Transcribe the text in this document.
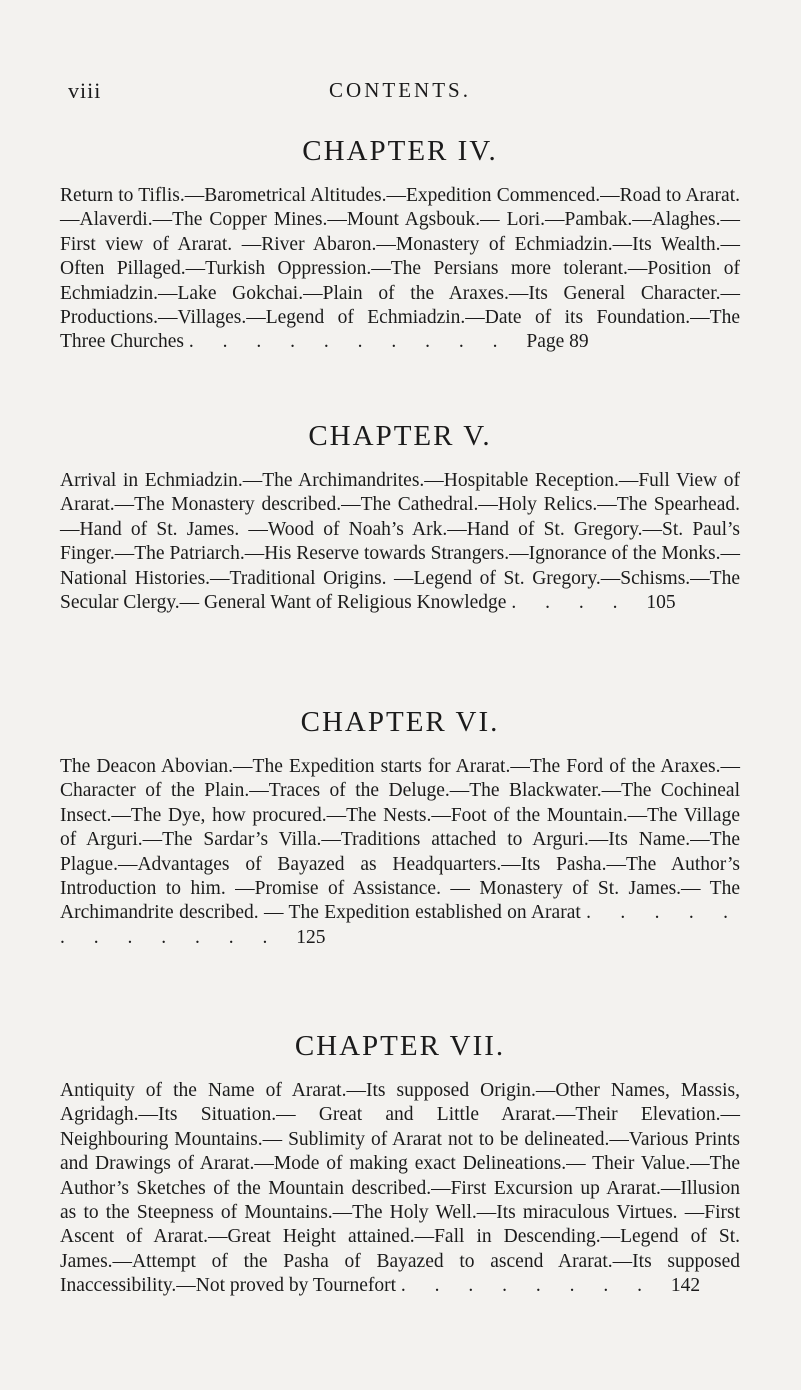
viii	CONTENTS.
CHAPTER IV.

Return to Tiflis.—Barometrical Altitudes.—Expedition Commenced.—Road to Ararat.—Alaverdi.—The Copper Mines.—Mount Agsbouk.— Lori.—Pambak.—Alaghes.—First view of Ararat. —River Abaron.—Monastery of Echmiadzin.—Its Wealth.— Often Pillaged.—Turkish Oppression.—The Persians more tolerant.—Position of Echmiadzin.—Lake Gokchai.—Plain of the Araxes.—Its General Character.—Productions.—Villages.—Legend of Echmiadzin.—Date of its Foundation.—The Three Churches . . . . . . . . . . Page 89

CHAPTER V.

Arrival in Echmiadzin.—The Archimandrites.—Hospitable Reception.—Full View of Ararat.—The Monastery described.—The Cathedral.—Holy Relics.—The Spearhead.—Hand of St. James. —Wood of Noah’s Ark.—Hand of St. Gregory.—St. Paul’s Finger.—The Patriarch.—His Reserve towards Strangers.—Ignorance of the Monks.—National Histories.—Traditional Origins. —Legend of St. Gregory.—Schisms.—The Secular Clergy.— General Want of Religious Knowledge . . . . 105

CHAPTER VI.

The Deacon Abovian.—The Expedition starts for Ararat.—The Ford of the Araxes.—Character of the Plain.—Traces of the Deluge.—The Blackwater.—The Cochineal Insect.—The Dye, how procured.—The Nests.—Foot of the Mountain.—The Village of Arguri.—The Sardar’s Villa.—Traditions attached to Arguri.—Its Name.—The Plague.—Advantages of Bayazed as Headquarters.—Its Pasha.—The Author’s Introduction to him. —Promise of Assistance. — Monastery of St. James.— The Archimandrite described. — The Expedition established on Ararat . . . . . . . . . . . . 125

CHAPTER VII.

Antiquity of the Name of Ararat.—Its supposed Origin.—Other Names, Massis, Agridagh.—Its Situation.— Great and Little Ararat.—Their Elevation.— Neighbouring Mountains.— Sublimity of Ararat not to be delineated.—Various Prints and Drawings of Ararat.—Mode of making exact Delineations.— Their Value.—The Author’s Sketches of the Mountain described.—First Excursion up Ararat.—Illusion as to the Steepness of Mountains.—The Holy Well.—Its miraculous Virtues. —First Ascent of Ararat.—Great Height attained.—Fall in Descending.—Legend of St. James.—Attempt of the Pasha of Bayazed to ascend Ararat.—Its supposed Inaccessibility.—Not proved by Tournefort . . . . . . . . 142
